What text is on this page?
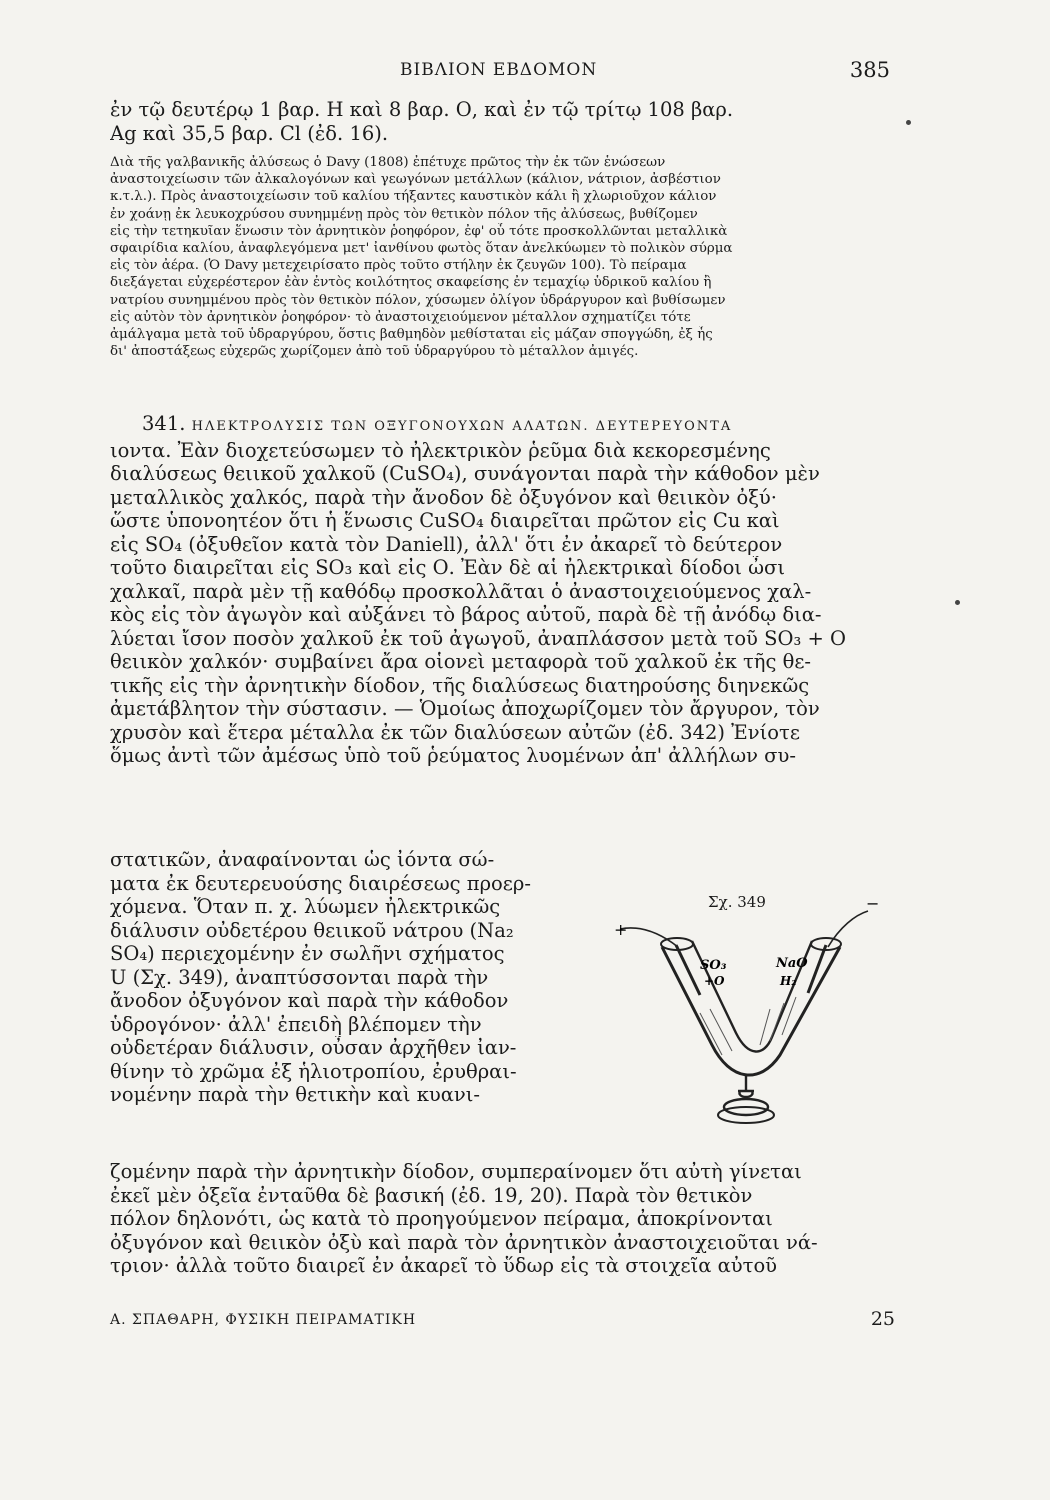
ΒΙΒΛΙΟΝ ΕΒΔΟΜΟΝ	385
ἐν τῷ δευτέρῳ 1 βαρ. Η καὶ 8 βαρ. Ο, καὶ ἐν τῷ τρίτῳ 108 βαρ.
Ag καὶ 35,5 βαρ. Cl (ἐδ. 16).
Διὰ τῆς γαλβανικῆς ἀλύσεως ὁ Davy (1808) ἐπέτυχε πρῶτος τὴν ἐκ τῶν ἑνώσεων
ἀναστοιχείωσιν τῶν ἀλκαλογόνων καὶ γεωγόνων μετάλλων (κάλιον, νάτριον, ἀσβέστιον
κ.τ.λ.). Πρὸς ἀναστοιχείωσιν τοῦ καλίου τήξαντες καυστικὸν κάλι ἢ χλωριοῦχον κάλιον
ἐν χοάνῃ ἐκ λευκοχρύσου συνημμένῃ πρὸς τὸν θετικὸν πόλον τῆς ἀλύσεως, βυθίζομεν
εἰς τὴν τετηκυῖαν ἕνωσιν τὸν ἀρνητικὸν ῥοηφόρον, ἐφ' οὗ τότε προσκολλῶνται μεταλλικὰ
σφαιρίδια καλίου, ἀναφλεγόμενα μετ' ἰανθίνου φωτὸς ὅταν ἀνελκύωμεν τὸ πολικὸν σύρμα
εἰς τὸν ἀέρα. (Ὁ Davy μετεχειρίσατο πρὸς τοῦτο στήλην ἐκ ζευγῶν 100). Τὸ πείραμα
διεξάγεται εὐχερέστερον ἐὰν ἐντὸς κοιλότητος σκαφείσης ἐν τεμαχίῳ ὑδρικοῦ καλίου ἢ
νατρίου συνημμένου πρὸς τὸν θετικὸν πόλον, χύσωμεν ὀλίγον ὑδράργυρον καὶ βυθίσωμεν
εἰς αὐτὸν τὸν ἀρνητικὸν ῥοηφόρον· τὸ ἀναστοιχειούμενον μέταλλον σχηματίζει τότε
ἀμάλγαμα μετὰ τοῦ ὑδραργύρου, ὅστις βαθμηδὸν μεθίσταται εἰς μάζαν σπογγώδη, ἐξ ἧς
δι' ἀποστάξεως εὐχερῶς χωρίζομεν ἀπὸ τοῦ ὑδραργύρου τὸ μέταλλον ἀμιγές.
341. ΗΛΕΚΤΡΟΛΥΣΙΣ ΤΩΝ ΟΞΥΓΟΝΟΥΧΩΝ ΑΛΑΤΩΝ. ΔΕΥΤΕΡΕΥΟΝΤΑ
ιοντα. Ἐὰν διοχετεύσωμεν τὸ ἠλεκτρικὸν ῥεῦμα διὰ κεκορεσμένης
διαλύσεως θειικοῦ χαλκοῦ (CuSO₄), συνάγονται παρὰ τὴν κάθοδον μὲν
μεταλλικὸς χαλκός, παρὰ τὴν ἄνοδον δὲ ὀξυγόνον καὶ θειικὸν ὀξύ·
ὥστε ὑπονοητέον ὅτι ἡ ἕνωσις CuSO₄ διαιρεῖται πρῶτον εἰς Cu καὶ
εἰς SO₄ (ὀξυθεῖον κατὰ τὸν Daniell), ἀλλ' ὅτι ἐν ἀκαρεῖ τὸ δεύτερον
τοῦτο διαιρεῖται εἰς SO₃ καὶ εἰς Ο. Ἐὰν δὲ αἱ ἠλεκτρικαὶ δίοδοι ὦσι
χαλκαῖ, παρὰ μὲν τῇ καθόδῳ προσκολλᾶται ὁ ἀναστοιχειούμενος χαλ-
κὸς εἰς τὸν ἀγωγὸν καὶ αὐξάνει τὸ βάρος αὐτοῦ, παρὰ δὲ τῇ ἀνόδῳ δια-
λύεται ἴσον ποσὸν χαλκοῦ ἐκ τοῦ ἀγωγοῦ, ἀναπλάσσον μετὰ τοῦ SO₃ + Ο
θειικὸν χαλκόν· συμβαίνει ἄρα οἱονεὶ μεταφορὰ τοῦ χαλκοῦ ἐκ τῆς θε-
τικῆς εἰς τὴν ἀρνητικὴν δίοδον, τῆς διαλύσεως διατηρούσης διηνεκῶς
ἀμετάβλητον τὴν σύστασιν. — Ὁμοίως ἀποχωρίζομεν τὸν ἄργυρον, τὸν
χρυσὸν καὶ ἕτερα μέταλλα ἐκ τῶν διαλύσεων αὐτῶν (ἐδ. 342) Ἐνίοτε
ὅμως ἀντὶ τῶν ἀμέσως ὑπὸ τοῦ ῥεύματος λυομένων ἀπ' ἀλλήλων συ-
στατικῶν, ἀναφαίνονται ὡς ἰόντα σώ-
ματα ἐκ δευτερευούσης διαιρέσεως προερ-
χόμενα. Ὅταν π. χ. λύωμεν ἠλεκτρικῶς
διάλυσιν οὐδετέρου θειικοῦ νάτρου (Na₂
SO₄) περιεχομένην ἐν σωλῆνι σχήματος
U (Σχ. 349), ἀναπτύσσονται παρὰ τὴν
ἄνοδον ὀξυγόνον καὶ παρὰ τὴν κάθοδον
ὑδρογόνον· ἀλλ' ἐπειδὴ βλέπομεν τὴν
οὐδετέραν διάλυσιν, οὖσαν ἀρχῆθεν ἰαν-
θίνην τὸ χρῶμα ἐξ ἡλιοτροπίου, ἐρυθραι-
νομένην παρὰ τὴν θετικὴν καὶ κυανι-
Σχ. 349
+
−
SO₃
+O
NaO
H₂
ζομένην παρὰ τὴν ἀρνητικὴν δίοδον, συμπεραίνομεν ὅτι αὐτὴ γίνεται
ἐκεῖ μὲν ὀξεῖα ἐνταῦθα δὲ βασική (ἐδ. 19, 20). Παρὰ τὸν θετικὸν
πόλον δηλονότι, ὡς κατὰ τὸ προηγούμενον πείραμα, ἀποκρίνονται
ὀξυγόνον καὶ θειικὸν ὀξὺ καὶ παρὰ τὸν ἀρνητικὸν ἀναστοιχειοῦται νά-
τριον· ἀλλὰ τοῦτο διαιρεῖ ἐν ἀκαρεῖ τὸ ὕδωρ εἰς τὰ στοιχεῖα αὐτοῦ
Α. ΣΠΑΘΑΡΗ, ΦΥΣΙΚΗ ΠΕΙΡΑΜΑΤΙΚΗ	25
